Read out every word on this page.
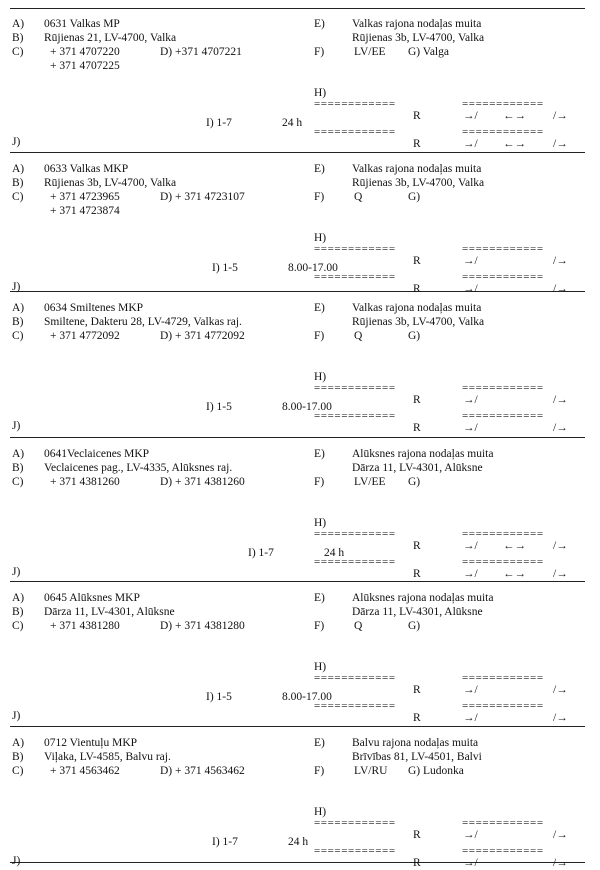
A) 0631 Valkas MP
B) Rūjienas 21, LV-4700, Valka
C) + 371 4707220	D) +371 4707221
+ 371 4707225
E) Valkas rajona nodaļas muita
Rūjienas 3b, LV-4700, Valka
F)	LV/EE G) Valga
H)
============	============
R	→/ ←→ /→
I) 1-7	24 h
============	============
J)	R	→/ ←→ /→
A) 0633 Valkas MKP
B) Rūjienas 3b, LV-4700, Valka
C) + 371 4723965	D) + 371 4723107
+ 371 4723874
E) Valkas rajona nodaļas muita
Rūjienas 3b, LV-4700, Valka
F)	Q	G)
H)
============	============
R	→/	/→
I) 1-5	8.00-17.00
============	============
J)	R	→/	/→
A) 0634 Smiltenes MKP
B) Smiltene, Dakteru 28, LV-4729, Valkas raj.
C) + 371 4772092	D) + 371 4772092
E) Valkas rajona nodaļas muita
Rūjienas 3b, LV-4700, Valka
F)	Q	G)
H)
============	============
R	→/	/→
I) 1-5	8.00-17.00
============	============
J)	R	→/	/→
A) 0641Veclaicenes MKP
B) Veclaicenes pag., LV-4335, Alūksnes raj.
C) + 371 4381260	D) + 371 4381260
E) Alūksnes rajona nodaļas muita
Dārza 11, LV-4301, Alūksne
F)	LV/EE G)
H)
============	============
R	→/ ←→ /→
I) 1-7	24 h
============	============
J)	R	→/ ←→ /→
A) 0645 Alūksnes MKP
B) Dārza 11, LV-4301, Alūksne
C) + 371 4381280	D) + 371 4381280
E) Alūksnes rajona nodaļas muita
Dārza 11, LV-4301, Alūksne
F)	Q	G)
H)
============	============
R	→/	/→
I) 1-5	8.00-17.00
============	============
J)	R	→/	/→
A) 0712 Vientuļu MKP
B) Viļaka, LV-4585, Balvu raj.
C) + 371 4563462	D) + 371 4563462
E) Balvu rajona nodaļas muita
Brīvības 81, LV-4501, Balvi
F)	LV/RU G) Ludonka
H)
============	============
R	→/	/→
I) 1-7	24 h
============	============
J)	R	→/	/→
